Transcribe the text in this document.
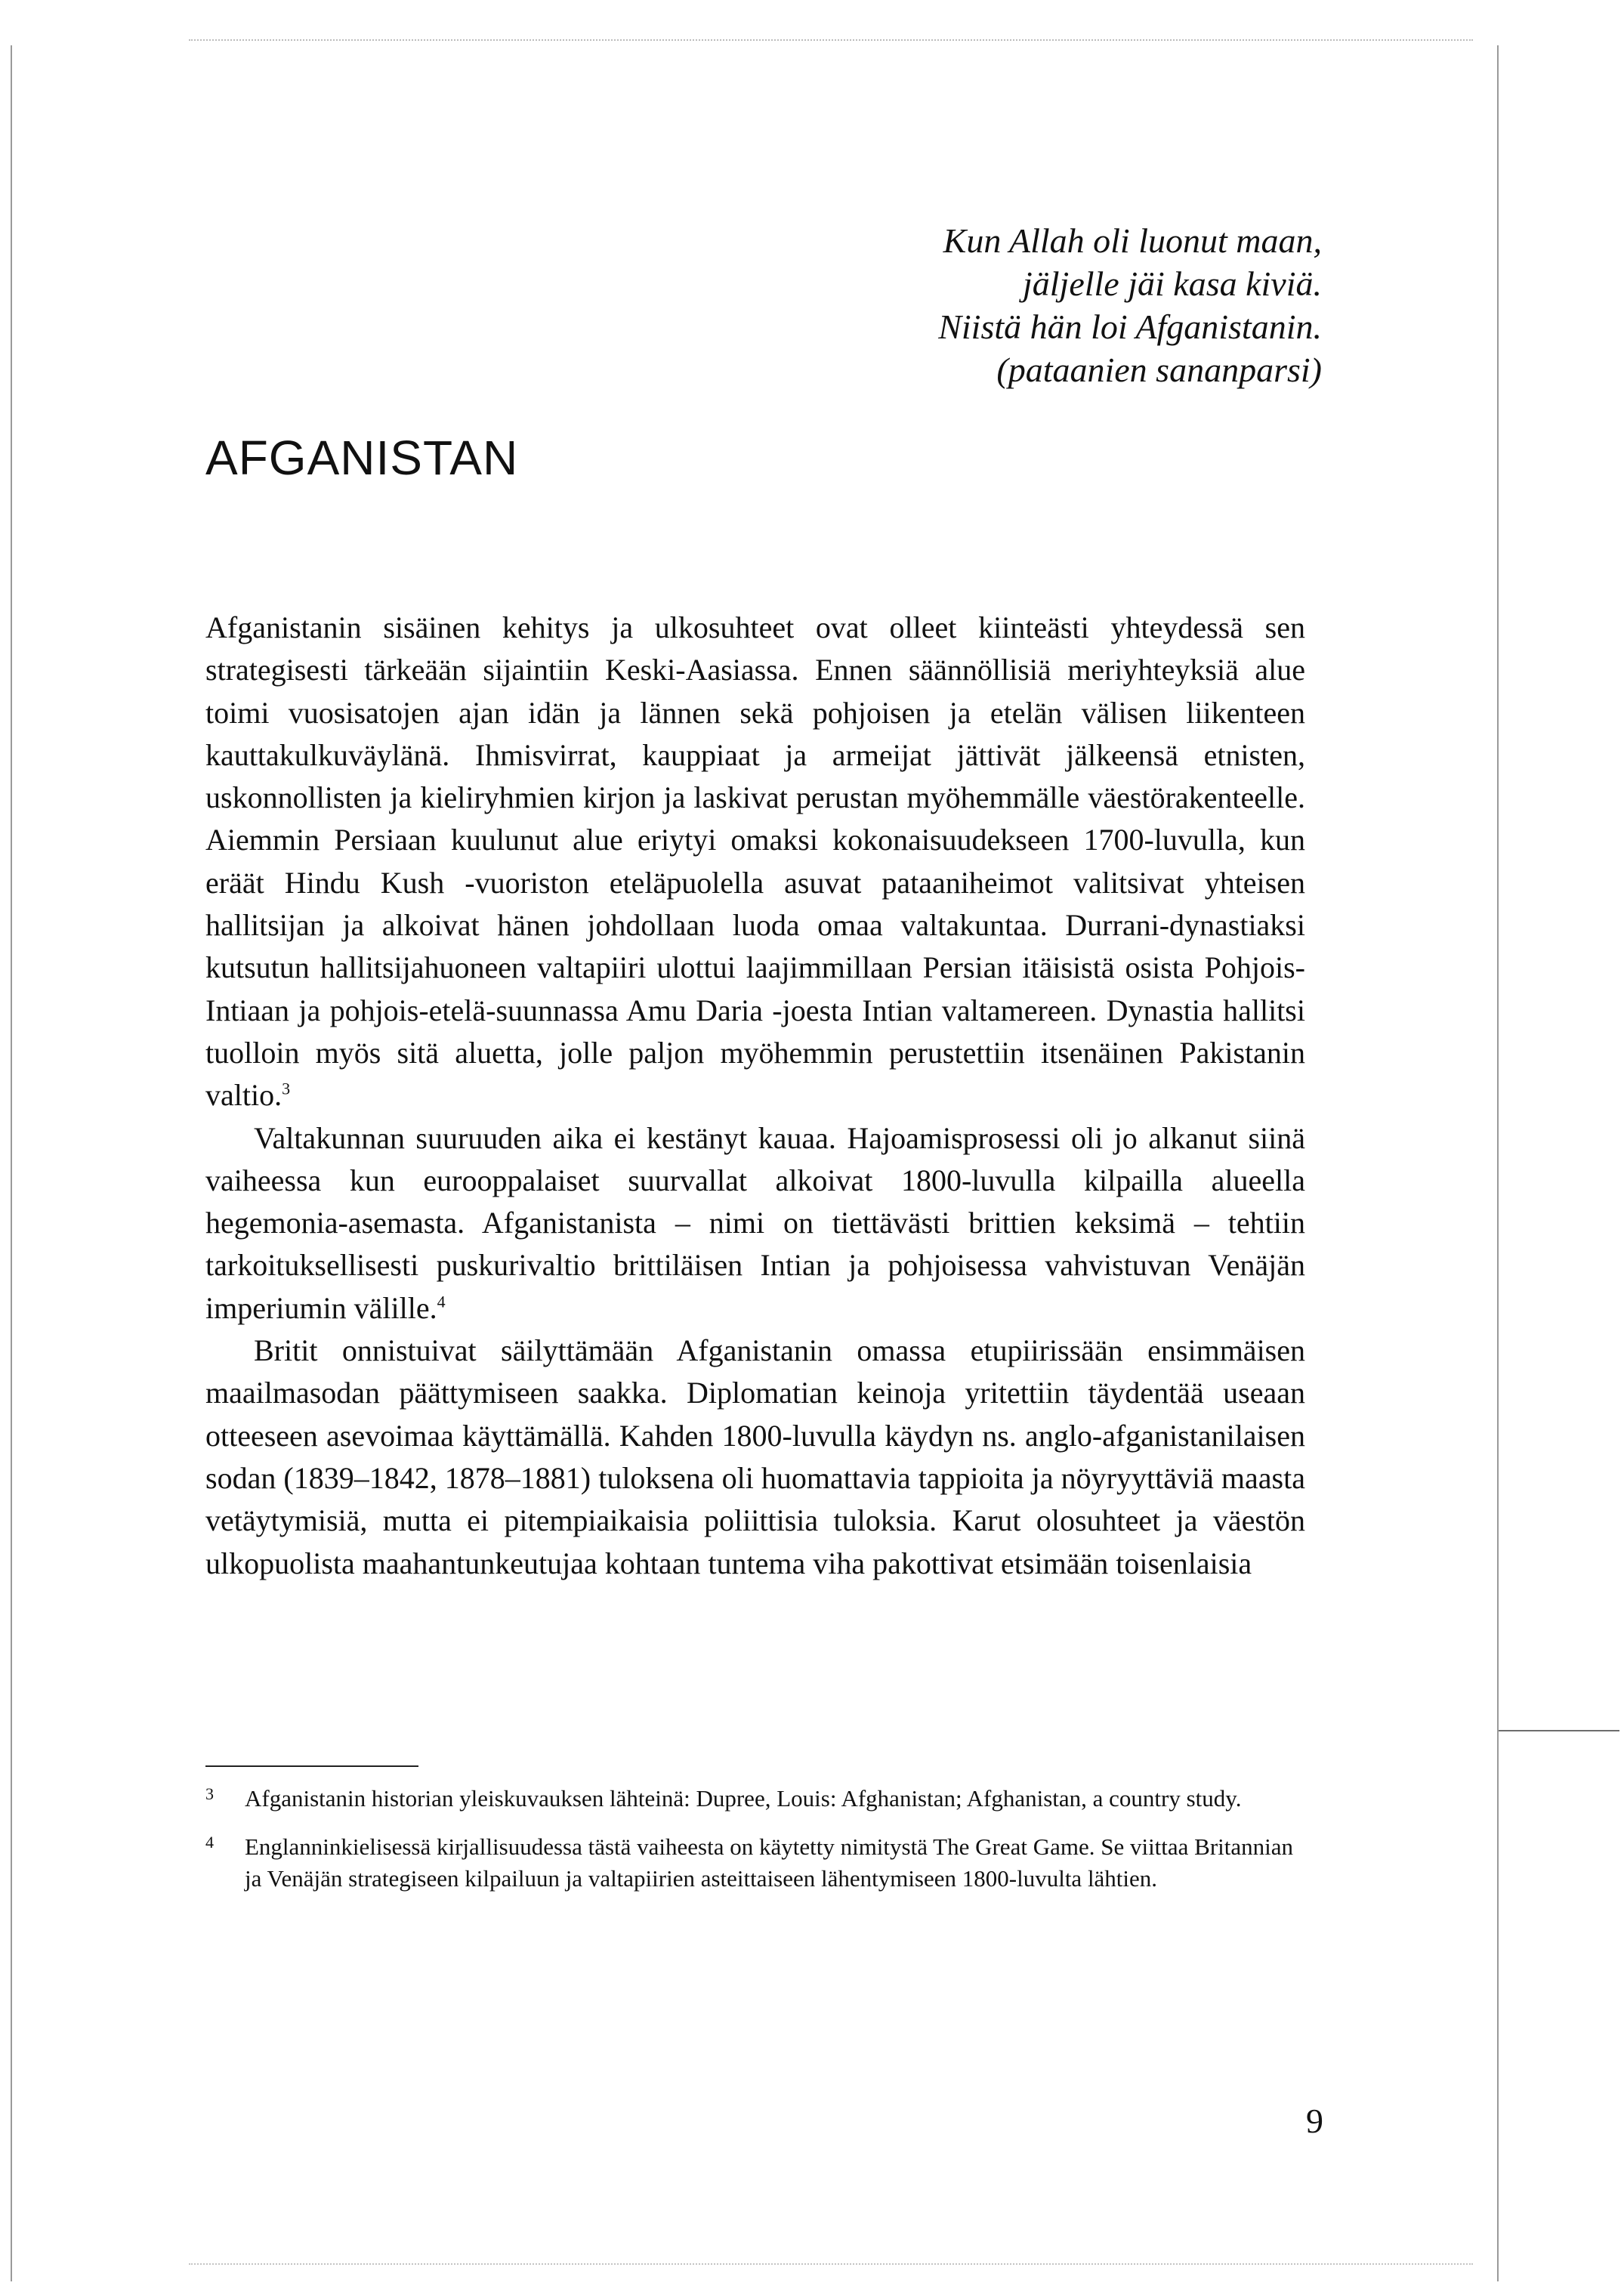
Kun Allah oli luonut maan,
jäljelle jäi kasa kiviä.
Niistä hän loi Afganistanin.
(pataanien sananparsi)
AFGANISTAN

Afganistanin sisäinen kehitys ja ulkosuhteet ovat olleet kiinteästi yhteydessä sen strategisesti tärkeään sijaintiin Keski-Aasiassa. Ennen säännöllisiä meriyhteyksiä alue toimi vuosisatojen ajan idän ja lännen sekä pohjoisen ja etelän välisen liikenteen kauttakulkuväylänä. Ihmisvirrat, kauppiaat ja armeijat jättivät jälkeensä etnisten, uskonnollisten ja kieliryhmien kirjon ja laskivat perustan myöhemmälle väestörakenteelle. Aiemmin Persiaan kuulunut alue eriytyi omaksi kokonaisuudekseen 1700-luvulla, kun eräät Hindu Kush -vuoriston eteläpuolella asuvat pataaniheimot valitsivat yhteisen hallitsijan ja alkoivat hänen johdollaan luoda omaa valtakuntaa. Durrani-dynastiaksi kutsutun hallitsijahuoneen valtapiiri ulottui laajimmillaan Persian itäisistä osista Pohjois-Intiaan ja pohjois-etelä-suunnassa Amu Daria -joesta Intian valtamereen. Dynastia hallitsi tuolloin myös sitä aluetta, jolle paljon myöhemmin perustettiin itsenäinen Pakistanin valtio.$^3$

Valtakunnan suuruuden aika ei kestänyt kauaa. Hajoamisprosessi oli jo alkanut siinä vaiheessa kun eurooppalaiset suurvallat alkoivat 1800-luvulla kilpailla alueella hegemonia-asemasta. Afganistanista – nimi on tiettävästi brittien keksimä – tehtiin tarkoituksellisesti puskurivaltio brittiläisen Intian ja pohjoisessa vahvistuvan Venäjän imperiumin välille.$^4$

Britit onnistuivat säilyttämään Afganistanin omassa etupiirissään ensimmäisen maailmasodan päättymiseen saakka. Diplomatian keinoja yritettiin täydentää useaan otteeseen asevoimaa käyttämällä. Kahden 1800-luvulla käydyn ns. anglo-afganistanilaisen sodan (1839–1842, 1878–1881) tuloksena oli huomattavia tappioita ja nöyryyttäviä maasta vetäytymisiä, mutta ei pitempiaikaisia poliittisia tuloksia. Karut olosuhteet ja väestön ulkopuolista maahantunkeutujaa kohtaan tuntema viha pakottivat etsimään toisenlaisia

3 Afganistanin historian yleiskuvauksen lähteinä: Dupree, Louis: Afghanistan; Afghanistan, a country study.
4 Englanninkielisessä kirjallisuudessa tästä vaiheesta on käytetty nimitystä The Great Game. Se viittaa Britannian ja Venäjän strategiseen kilpailuun ja valtapiirien asteittaiseen lähentymiseen 1800-luvulta lähtien.
9
